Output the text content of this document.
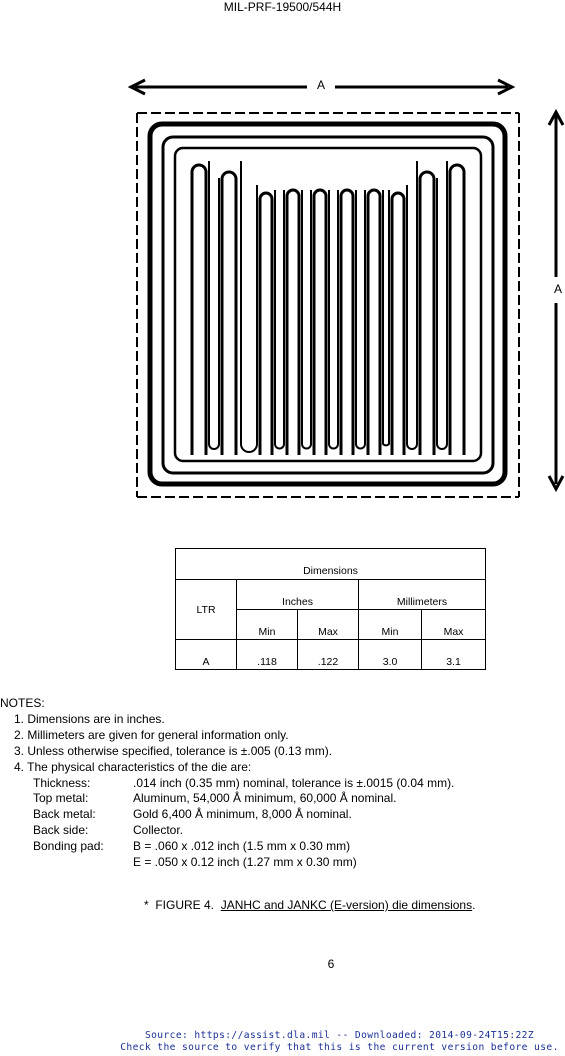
MIL-PRF-19500/544H
A
A
Dimensions				
LTR	Inches		Millimeters	
	Min	Max	Min	Max
A	.118	.122	3.0	3.1
NOTES:
1. Dimensions are in inches.
2. Millimeters are given for general information only.
3. Unless otherwise specified, tolerance is ±.005 (0.13 mm).
4. The physical characteristics of the die are:
Thickness:	.014 inch (0.35 mm) nominal, tolerance is ±.0015 (0.04 mm).
Top metal:	Aluminum, 54,000 Å minimum, 60,000 Å nominal.
Back metal:	Gold 6,400 Å minimum, 8,000 Å nominal.
Back side:	Collector.
Bonding pad: B = .060 x .012 inch (1.5 mm x 0.30 mm)
E = .050 x 0.12 inch (1.27 mm x 0.30 mm)
*  FIGURE 4.  JANHC and JANKC (E-version) die dimensions.
6
Source: https://assist.dla.mil -- Downloaded: 2014-09-24T15:22Z
Check the source to verify that this is the current version before use.
